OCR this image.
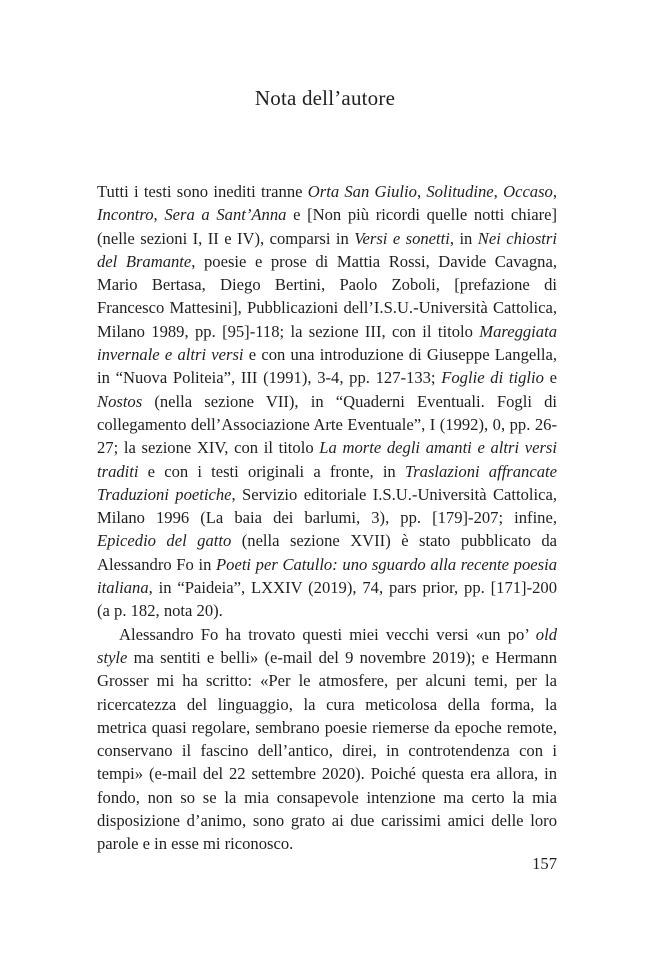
Nota dell’autore

Tutti i testi sono inediti tranne Orta San Giulio, Solitudine, Occaso, Incontro, Sera a Sant’Anna e [Non più ricordi quelle notti chiare] (nelle sezioni I, II e IV), comparsi in Versi e sonetti, in Nei chiostri del Bramante, poesie e prose di Mattia Rossi, Davide Cavagna, Mario Bertasa, Diego Bertini, Paolo Zoboli, [prefazione di Francesco Mattesini], Pubblicazioni dell’I.S.U.-Università Cattolica, Milano 1989, pp. [95]-118; la sezione III, con il titolo Mareggiata invernale e altri versi e con una introduzione di Giuseppe Langella, in “Nuova Politeia”, III (1991), 3-4, pp. 127-133; Foglie di tiglio e Nostos (nella sezione VII), in “Quaderni Eventuali. Fogli di collegamento dell’Associazione Arte Eventuale”, I (1992), 0, pp. 26-27; la sezione XIV, con il titolo La morte degli amanti e altri versi traditi e con i testi originali a fronte, in Traslazioni affrancate Traduzioni poetiche, Servizio editoriale I.S.U.-Università Cattolica, Milano 1996 (La baia dei barlumi, 3), pp. [179]-207; infine, Epicedio del gatto (nella sezione XVII) è stato pubblicato da Alessandro Fo in Poeti per Catullo: uno sguardo alla recente poesia italiana, in “Paideia”, LXXIV (2019), 74, pars prior, pp. [171]-200 (a p. 182, nota 20).

Alessandro Fo ha trovato questi miei vecchi versi «un po’ old style ma sentiti e belli» (e-mail del 9 novembre 2019); e Hermann Grosser mi ha scritto: «Per le atmosfere, per alcuni temi, per la ricercatezza del linguaggio, la cura meticolosa della forma, la metrica quasi regolare, sembrano poesie riemerse da epoche remote, conservano il fascino dell’antico, direi, in controtendenza con i tempi» (e-mail del 22 settembre 2020). Poiché questa era allora, in fondo, non so se la mia consapevole intenzione ma certo la mia disposizione d’animo, sono grato ai due carissimi amici delle loro parole e in esse mi riconosco.

157
